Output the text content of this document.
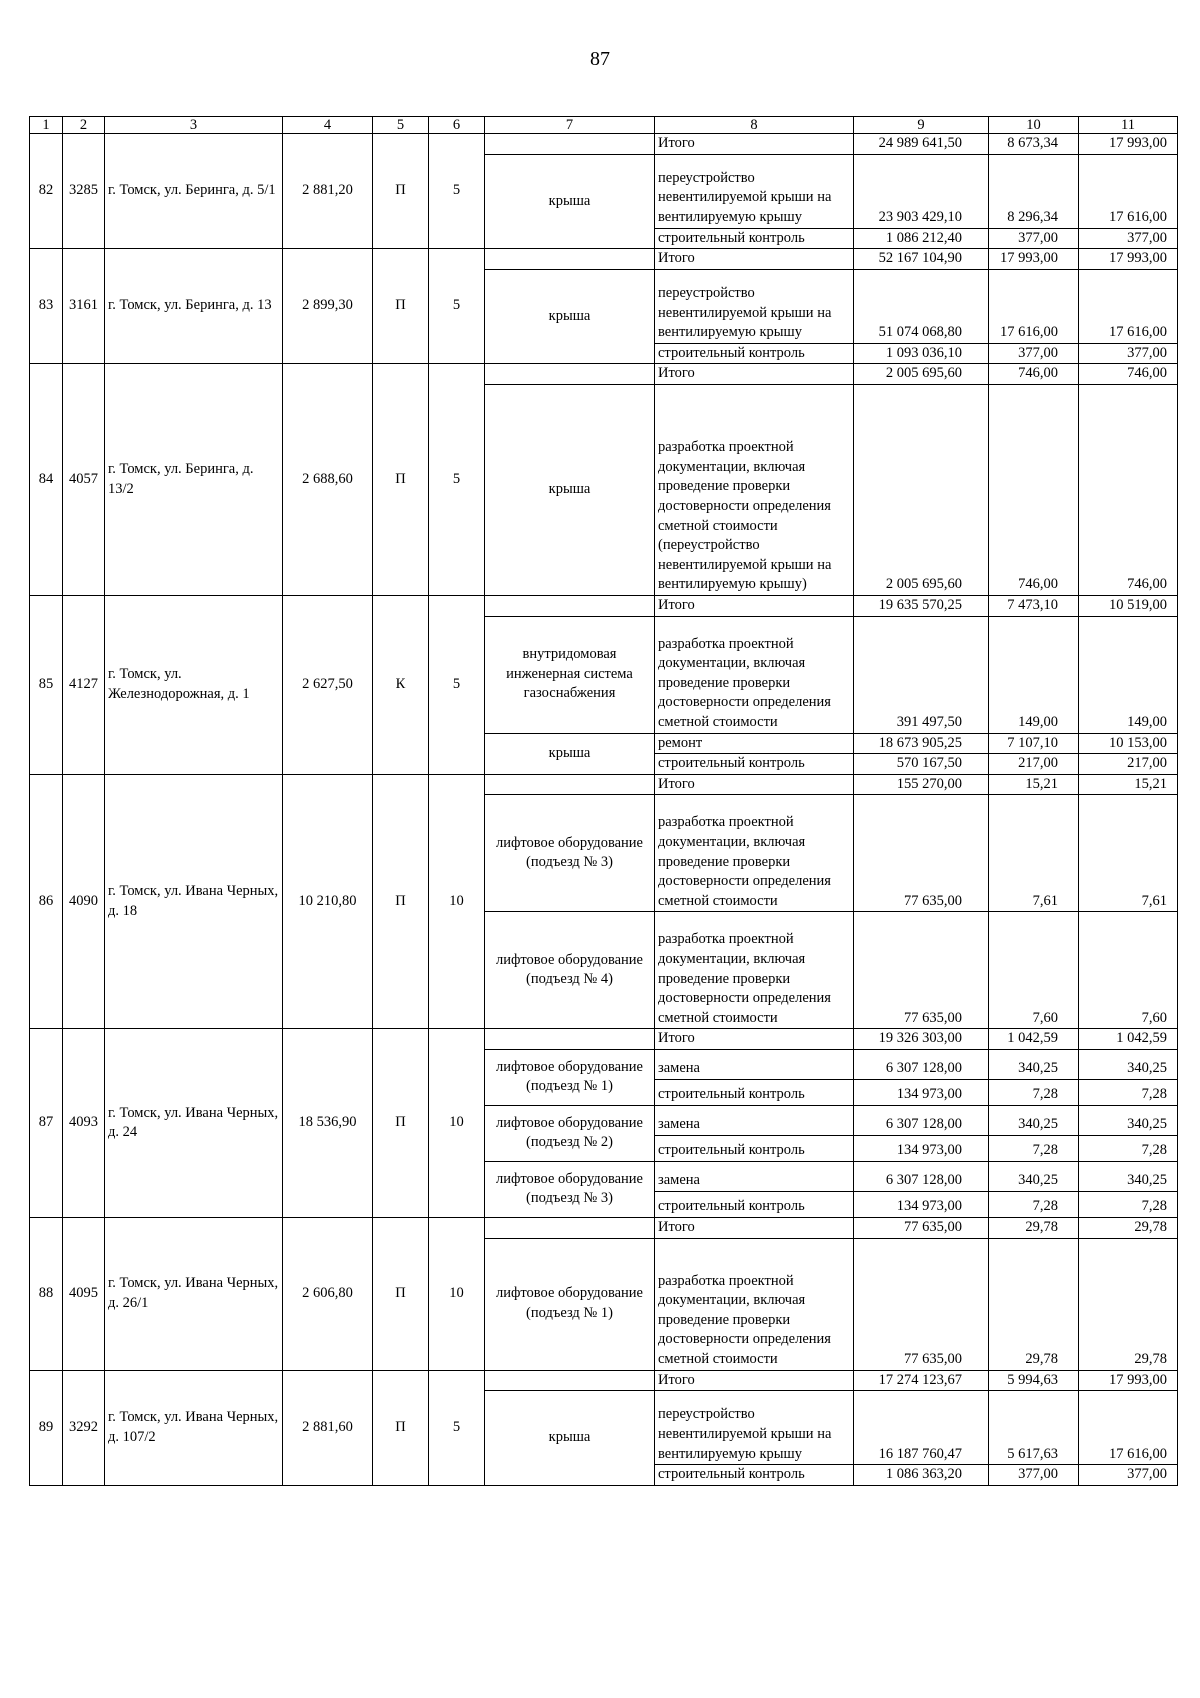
87
1	2	3	4	5	6	7	8	9	10	11
82	3285	г. Томск, ул. Беринга, д. 5/1	2 881,20	П	5		Итого	24 989 641,50	8 673,34	17 993,00
						крыша	переустройство невентилируемой крыши на вентилируемую крышу	23 903 429,10	8 296,34	17 616,00
							строительный контроль	1 086 212,40	377,00	377,00
83	3161	г. Томск, ул. Беринга, д. 13	2 899,30	П	5		Итого	52 167 104,90	17 993,00	17 993,00
						крыша	переустройство невентилируемой крыши на вентилируемую крышу	51 074 068,80	17 616,00	17 616,00
							строительный контроль	1 093 036,10	377,00	377,00
84	4057	г. Томск, ул. Беринга, д. 13/2	2 688,60	П	5		Итого	2 005 695,60	746,00	746,00
						крыша	разработка проектной документации, включая проведение проверки достоверности определения сметной стоимости (переустройство невентилируемой крыши на вентилируемую крышу)	2 005 695,60	746,00	746,00
85	4127	г. Томск, ул. Железнодорожная, д. 1	2 627,50	К	5		Итого	19 635 570,25	7 473,10	10 519,00
						внутридомовая инженерная система газоснабжения	разработка проектной документации, включая проведение проверки достоверности определения сметной стоимости	391 497,50	149,00	149,00
						крыша	ремонт	18 673 905,25	7 107,10	10 153,00
							строительный контроль	570 167,50	217,00	217,00
86	4090	г. Томск, ул. Ивана Черных, д. 18	10 210,80	П	10		Итого	155 270,00	15,21	15,21
						лифтовое оборудование (подъезд № 3)	разработка проектной документации, включая проведение проверки достоверности определения сметной стоимости	77 635,00	7,61	7,61
						лифтовое оборудование (подъезд № 4)	разработка проектной документации, включая проведение проверки достоверности определения сметной стоимости	77 635,00	7,60	7,60
87	4093	г. Томск, ул. Ивана Черных, д. 24	18 536,90	П	10		Итого	19 326 303,00	1 042,59	1 042,59
						лифтовое оборудование (подъезд № 1)	замена	6 307 128,00	340,25	340,25
							строительный контроль	134 973,00	7,28	7,28
						лифтовое оборудование (подъезд № 2)	замена	6 307 128,00	340,25	340,25
							строительный контроль	134 973,00	7,28	7,28
						лифтовое оборудование (подъезд № 3)	замена	6 307 128,00	340,25	340,25
							строительный контроль	134 973,00	7,28	7,28
88	4095	г. Томск, ул. Ивана Черных, д. 26/1	2 606,80	П	10		Итого	77 635,00	29,78	29,78
						лифтовое оборудование (подъезд № 1)	разработка проектной документации, включая проведение проверки достоверности определения сметной стоимости	77 635,00	29,78	29,78
89	3292	г. Томск, ул. Ивана Черных, д. 107/2	2 881,60	П	5		Итого	17 274 123,67	5 994,63	17 993,00
						крыша	переустройство невентилируемой крыши на вентилируемую крышу	16 187 760,47	5 617,63	17 616,00
							строительный контроль	1 086 363,20	377,00	377,00
